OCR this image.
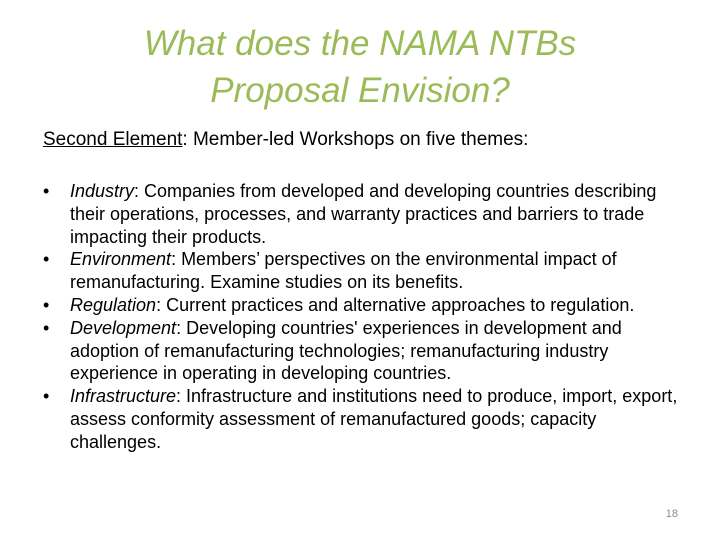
What does the NAMA NTBs
Proposal Envision?
Second Element: Member-led Workshops on five themes:
• Industry: Companies from developed and developing countries describing their operations, processes, and warranty practices and barriers to trade impacting their products.
• Environment: Members’ perspectives on the environmental impact of remanufacturing. Examine studies on its benefits.
• Regulation: Current practices and alternative approaches to regulation.
• Development: Developing countries' experiences in development and adoption of remanufacturing technologies; remanufacturing industry experience in operating in developing countries.
• Infrastructure: Infrastructure and institutions need to produce, import, export, assess conformity assessment of remanufactured goods; capacity challenges.
18
